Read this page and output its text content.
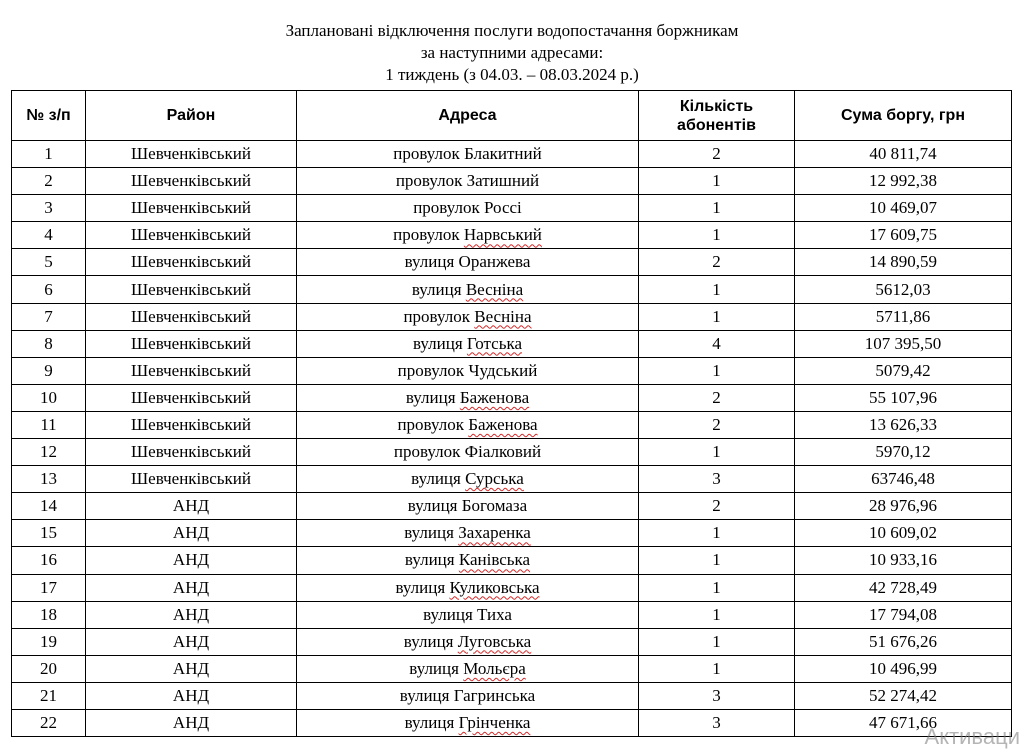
Заплановані відключення послуги водопостачання боржникам
за наступними адресами:
1 тиждень (з 04.03. – 08.03.2024 р.)
№ з/п	Район	Адреса	Кількість абонентів	Сума боргу, грн
1	Шевченківський	провулок Блакитний	2	40 811,74
2	Шевченківський	провулок Затишний	1	12 992,38
3	Шевченківський	провулок Россі	1	10 469,07
4	Шевченківський	провулок Нарвський	1	17 609,75
5	Шевченківський	вулиця Оранжева	2	14 890,59
6	Шевченківський	вулиця Весніна	1	5612,03
7	Шевченківський	провулок Весніна	1	5711,86
8	Шевченківський	вулиця Готська	4	107 395,50
9	Шевченківський	провулок Чудський	1	5079,42
10	Шевченківський	вулиця Баженова	2	55 107,96
11	Шевченківський	провулок Баженова	2	13 626,33
12	Шевченківський	провулок Фіалковий	1	5970,12
13	Шевченківський	вулиця Сурська	3	63746,48
14	АНД	вулиця Богомаза	2	28 976,96
15	АНД	вулиця Захаренка	1	10 609,02
16	АНД	вулиця Канівська	1	10 933,16
17	АНД	вулиця Куликовська	1	42 728,49
18	АНД	вулиця Тиха	1	17 794,08
19	АНД	вулиця Луговська	1	51 676,26
20	АНД	вулиця Мольєра	1	10 496,99
21	АНД	вулиця Гагринська	3	52 274,42
22	АНД	вулиця Грінченка	3	47 671,66
Активаци
